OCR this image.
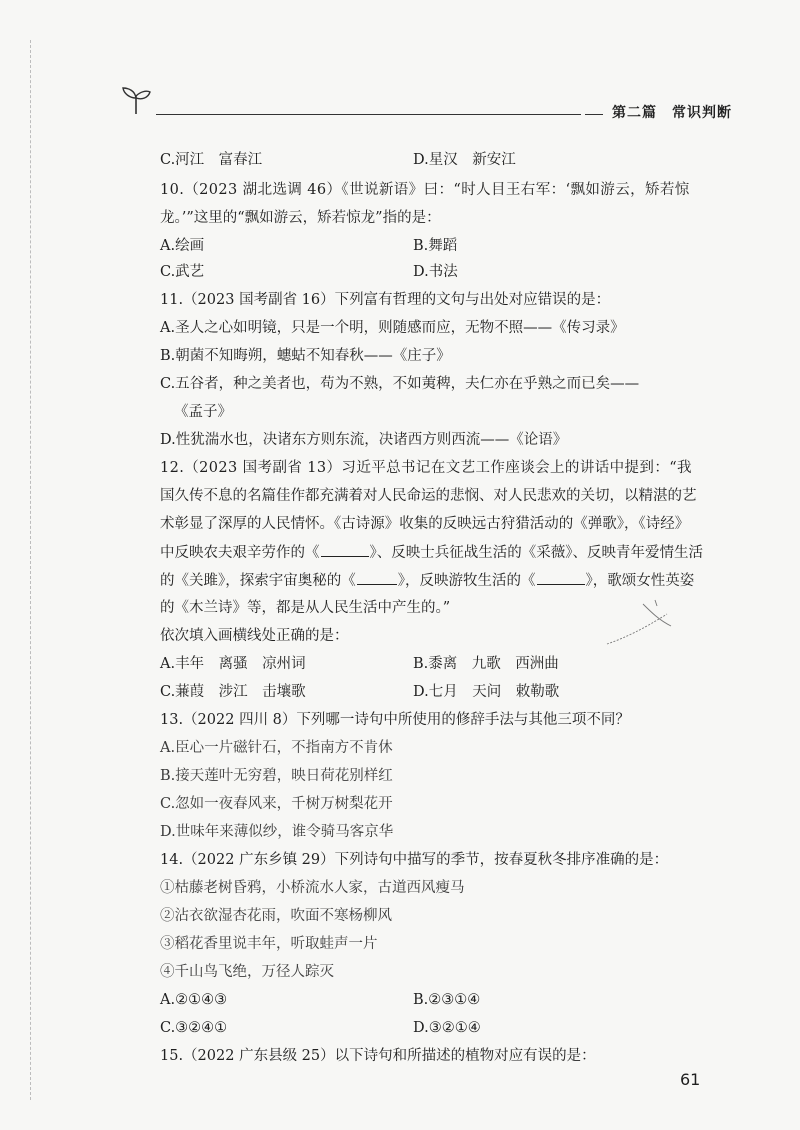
第二篇　常识判断
C.河江　富春江	D.星汉　新安江
10.（2023 湖北选调 46）《世说新语》曰：“时人目王右军：‘飘如游云，矫若惊
龙。’”这里的“飘如游云，矫若惊龙”指的是：
A.绘画	B.舞蹈
C.武艺	D.书法
11.（2023 国考副省 16）下列富有哲理的文句与出处对应错误的是：
A.圣人之心如明镜，只是一个明，则随感而应，无物不照——《传习录》
B.朝菌不知晦朔，蟪蛄不知春秋——《庄子》
C.五谷者，种之美者也，苟为不熟，不如荑稗，夫仁亦在乎熟之而已矣——
《孟子》
D.性犹湍水也，决诸东方则东流，决诸西方则西流——《论语》
12.（2023 国考副省 13）习近平总书记在文艺工作座谈会上的讲话中提到：“我
国久传不息的名篇佳作都充满着对人民命运的悲悯、对人民悲欢的关切，以精湛的艺
术彰显了深厚的人民情怀。《古诗源》收集的反映远古狩猎活动的《弹歌》，《诗经》
中反映农夫艰辛劳作的《	》、反映士兵征战生活的《采薇》、反映青年爱情生活
的《关雎》，探索宇宙奥秘的《	》，反映游牧生活的《	》，歌颂女性英姿
的《木兰诗》等，都是从人民生活中产生的。”
依次填入画横线处正确的是：
A.丰年　离骚　凉州词	B.黍离　九歌　西洲曲
C.蒹葭　涉江　击壤歌	D.七月　天问　敕勒歌
13.（2022 四川 8）下列哪一诗句中所使用的修辞手法与其他三项不同？
A.臣心一片磁针石，不指南方不肯休
B.接天莲叶无穷碧，映日荷花别样红
C.忽如一夜春风来，千树万树梨花开
D.世味年来薄似纱，谁令骑马客京华
14.（2022 广东乡镇 29）下列诗句中描写的季节，按春夏秋冬排序准确的是：
①枯藤老树昏鸦，小桥流水人家，古道西风瘦马
②沾衣欲湿杏花雨，吹面不寒杨柳风
③稻花香里说丰年，听取蛙声一片
④千山鸟飞绝，万径人踪灭
A.②①④③	B.②③①④
C.③②④①	D.③②①④
15.（2022 广东县级 25）以下诗句和所描述的植物对应有误的是：
61
